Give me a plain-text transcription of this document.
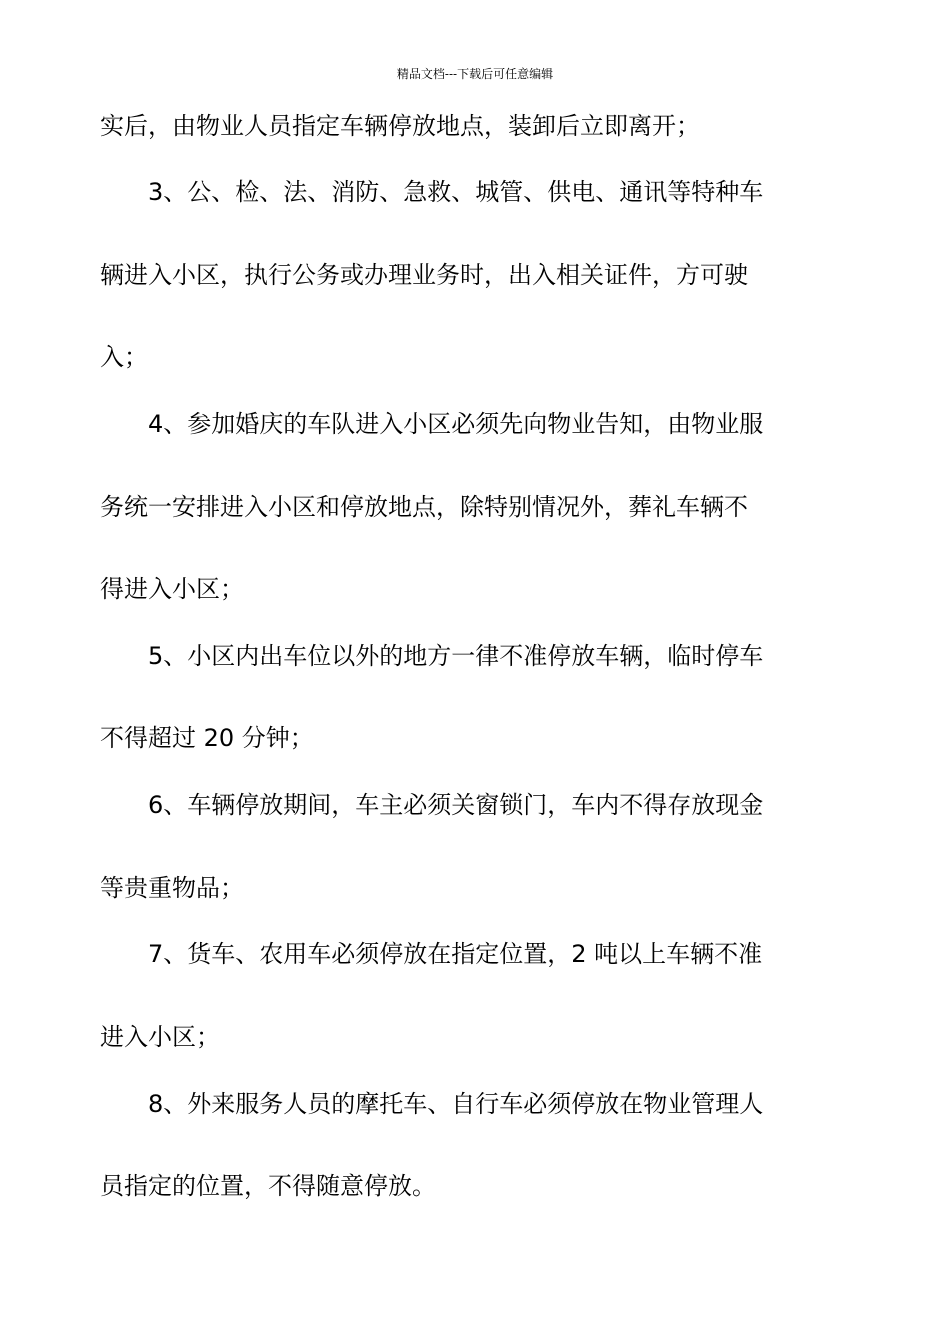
精品文档---下载后可任意编辑
实后，由物业人员指定车辆停放地点，装卸后立即离开；
3、公、检、法、消防、急救、城管、供电、通讯等特种车
辆进入小区，执行公务或办理业务时，出入相关证件，方可驶
入；
4、参加婚庆的车队进入小区必须先向物业告知，由物业服
务统一安排进入小区和停放地点，除特别情况外，葬礼车辆不
得进入小区；
5、小区内出车位以外的地方一律不准停放车辆，临时停车
不得超过 20 分钟；
6、车辆停放期间，车主必须关窗锁门，车内不得存放现金
等贵重物品；
7、货车、农用车必须停放在指定位置，2 吨以上车辆不准
进入小区；
8、外来服务人员的摩托车、自行车必须停放在物业管理人
员指定的位置，不得随意停放。
